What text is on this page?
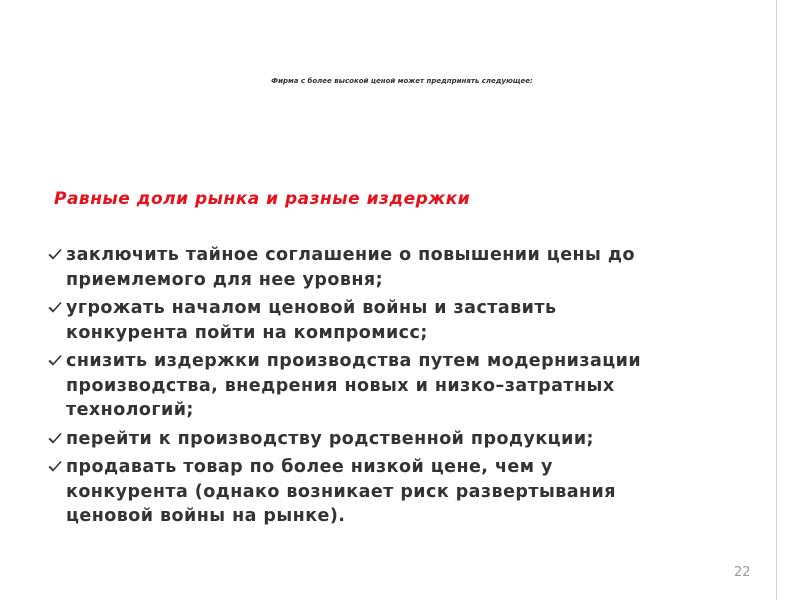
Фирма с более высокой ценой может предпринять следующее:
Равные доли рынка и разные издержки
заключить тайное соглашение о повышении цены до
приемлемого для нее уровня;
угрожать началом ценовой войны и заставить
конкурента пойти на компромисс;
снизить издержки производства путем модернизации
производства, внедрения новых и низко–затратных
технологий;
перейти к производству родственной продукции;
продавать товар по более низкой цене, чем у
конкурента (однако возникает риск развертывания
ценовой войны на рынке).
22
